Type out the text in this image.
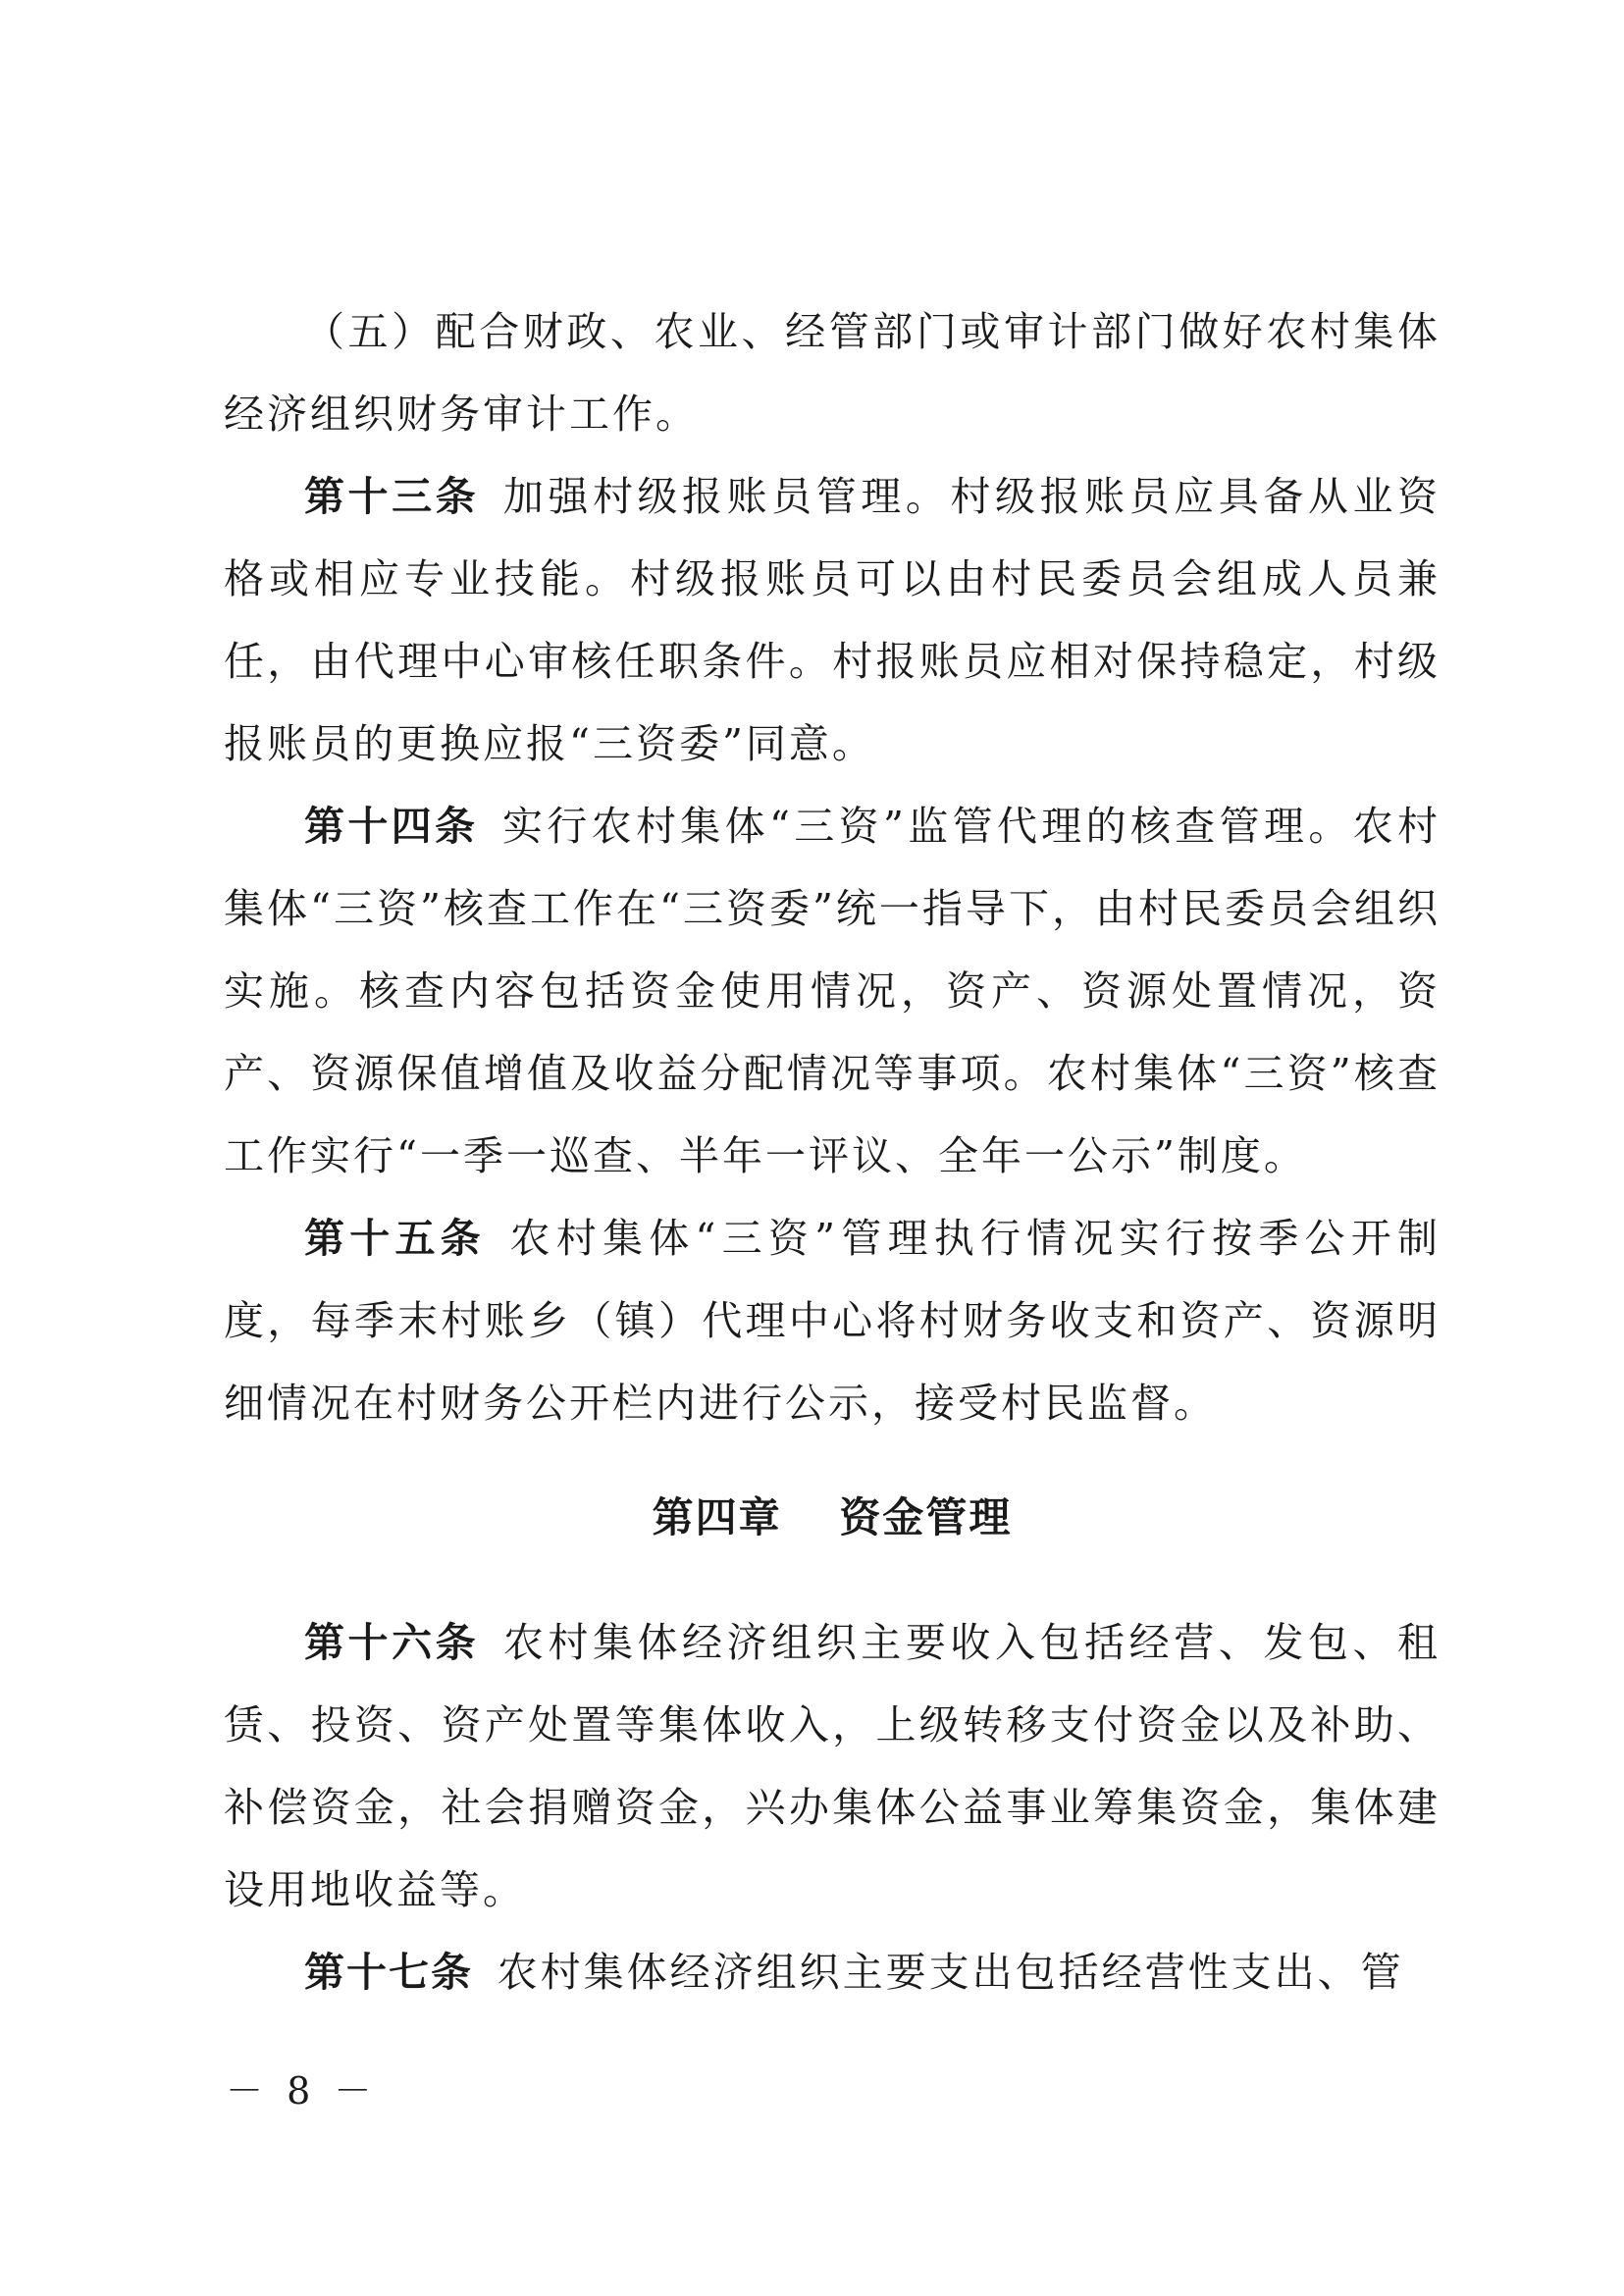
（五）配合财政、农业、经管部门或审计部门做好农村集体经济组织财务审计工作。

第十三条 加强村级报账员管理。村级报账员应具备从业资格或相应专业技能。村级报账员可以由村民委员会组成人员兼任，由代理中心审核任职条件。村报账员应相对保持稳定，村级报账员的更换应报“三资委”同意。

第十四条 实行农村集体“三资”监管代理的核查管理。农村集体“三资”核查工作在“三资委”统一指导下，由村民委员会组织实施。核查内容包括资金使用情况，资产、资源处置情况，资产、资源保值增值及收益分配情况等事项。农村集体“三资”核查工作实行“一季一巡查、半年一评议、全年一公示”制度。

第十五条 农村集体“三资”管理执行情况实行按季公开制度，每季末村账乡（镇）代理中心将村财务收支和资产、资源明细情况在村财务公开栏内进行公示，接受村民监督。

第四章 资金管理

第十六条 农村集体经济组织主要收入包括经营、发包、租赁、投资、资产处置等集体收入，上级转移支付资金以及补助、补偿资金，社会捐赠资金，兴办集体公益事业筹集资金，集体建设用地收益等。

第十七条 农村集体经济组织主要支出包括经营性支出、管

－ 8 －
